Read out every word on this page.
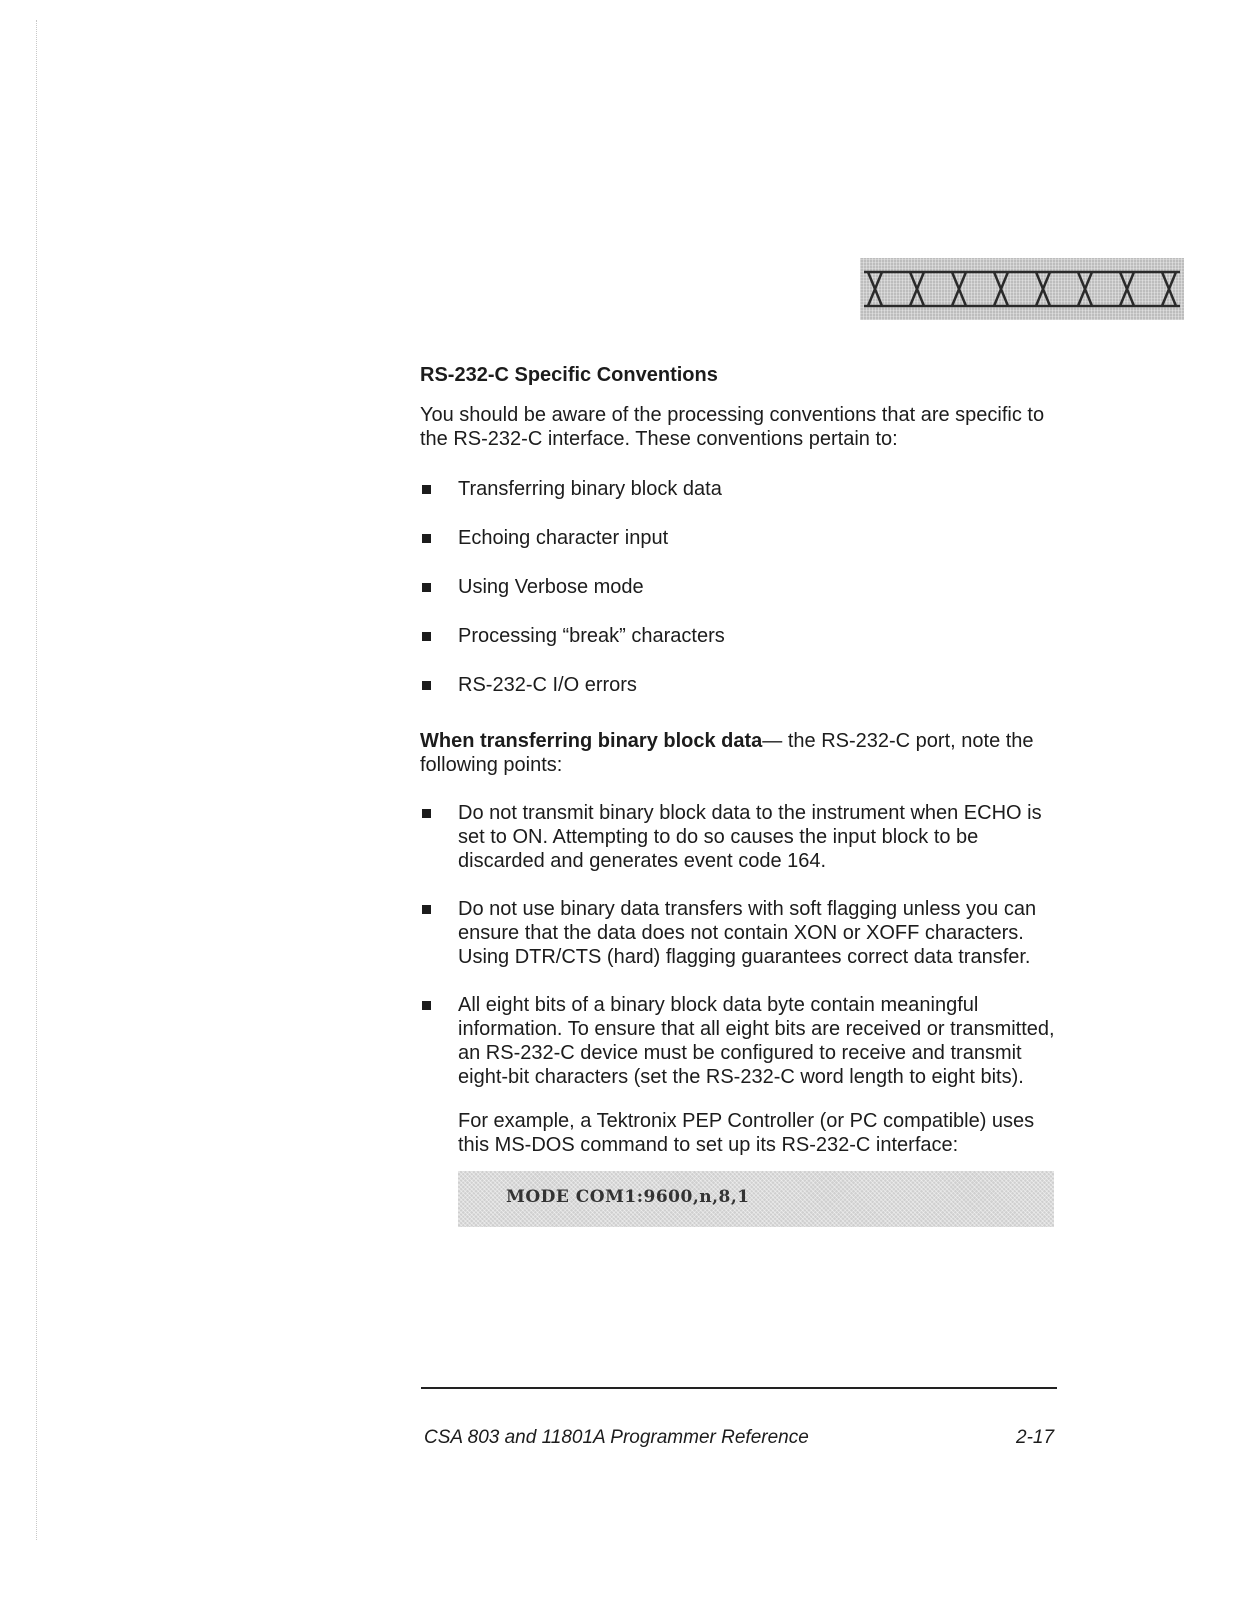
RS-232-C Specific Conventions

You should be aware of the processing conventions that are specific to the RS-232-C interface. These conventions pertain to:

Transferring binary block data
Echoing character input
Using Verbose mode
Processing “break” characters
RS-232-C I/O errors

When transferring binary block data— the RS-232-C port, note the following points:

Do not transmit binary block data to the instrument when ECHO is set to ON. Attempting to do so causes the input block to be discarded and generates event code 164.
Do not use binary data transfers with soft flagging unless you can ensure that the data does not contain XON or XOFF characters. Using DTR/CTS (hard) flagging guarantees correct data transfer.
All eight bits of a binary block data byte contain meaningful information. To ensure that all eight bits are received or transmitted, an RS-232-C device must be configured to receive and transmit eight-bit characters (set the RS-232-C word length to eight bits).

For example, a Tektronix PEP Controller (or PC compatible) uses this MS-DOS command to set up its RS-232-C interface:

MODE COM1:9600,n,8,1
CSA 803 and 11801A Programmer Reference	2-17
